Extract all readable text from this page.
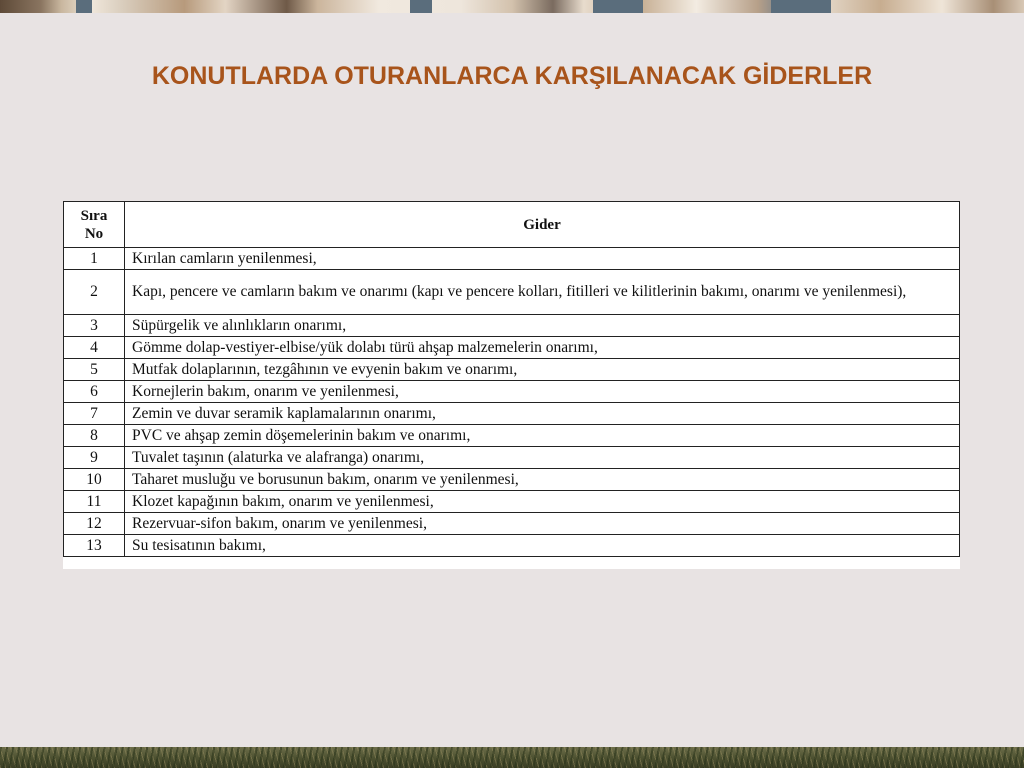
KONUTLARDA OTURANLARCA KARŞILANACAK GİDERLER
Sıra
No	Gider
1	Kırılan camların yenilenmesi,
2	Kapı, pencere ve camların bakım ve onarımı (kapı ve pencere kolları, fitilleri ve kilitlerinin bakımı, onarımı ve yenilenmesi),
3	Süpürgelik ve alınlıkların onarımı,
4	Gömme dolap-vestiyer-elbise/yük dolabı türü ahşap malzemelerin onarımı,
5	Mutfak dolaplarının, tezgâhının ve evyenin bakım ve onarımı,
6	Kornejlerin bakım, onarım ve yenilenmesi,
7	Zemin ve duvar seramik kaplamalarının onarımı,
8	PVC ve ahşap zemin döşemelerinin bakım ve onarımı,
9	Tuvalet taşının (alaturka ve alafranga) onarımı,
10	Taharet musluğu ve borusunun bakım, onarım ve yenilenmesi,
11	Klozet kapağının bakım, onarım ve yenilenmesi,
12	Rezervuar-sifon bakım, onarım ve yenilenmesi,
13	Su tesisatının bakımı,
